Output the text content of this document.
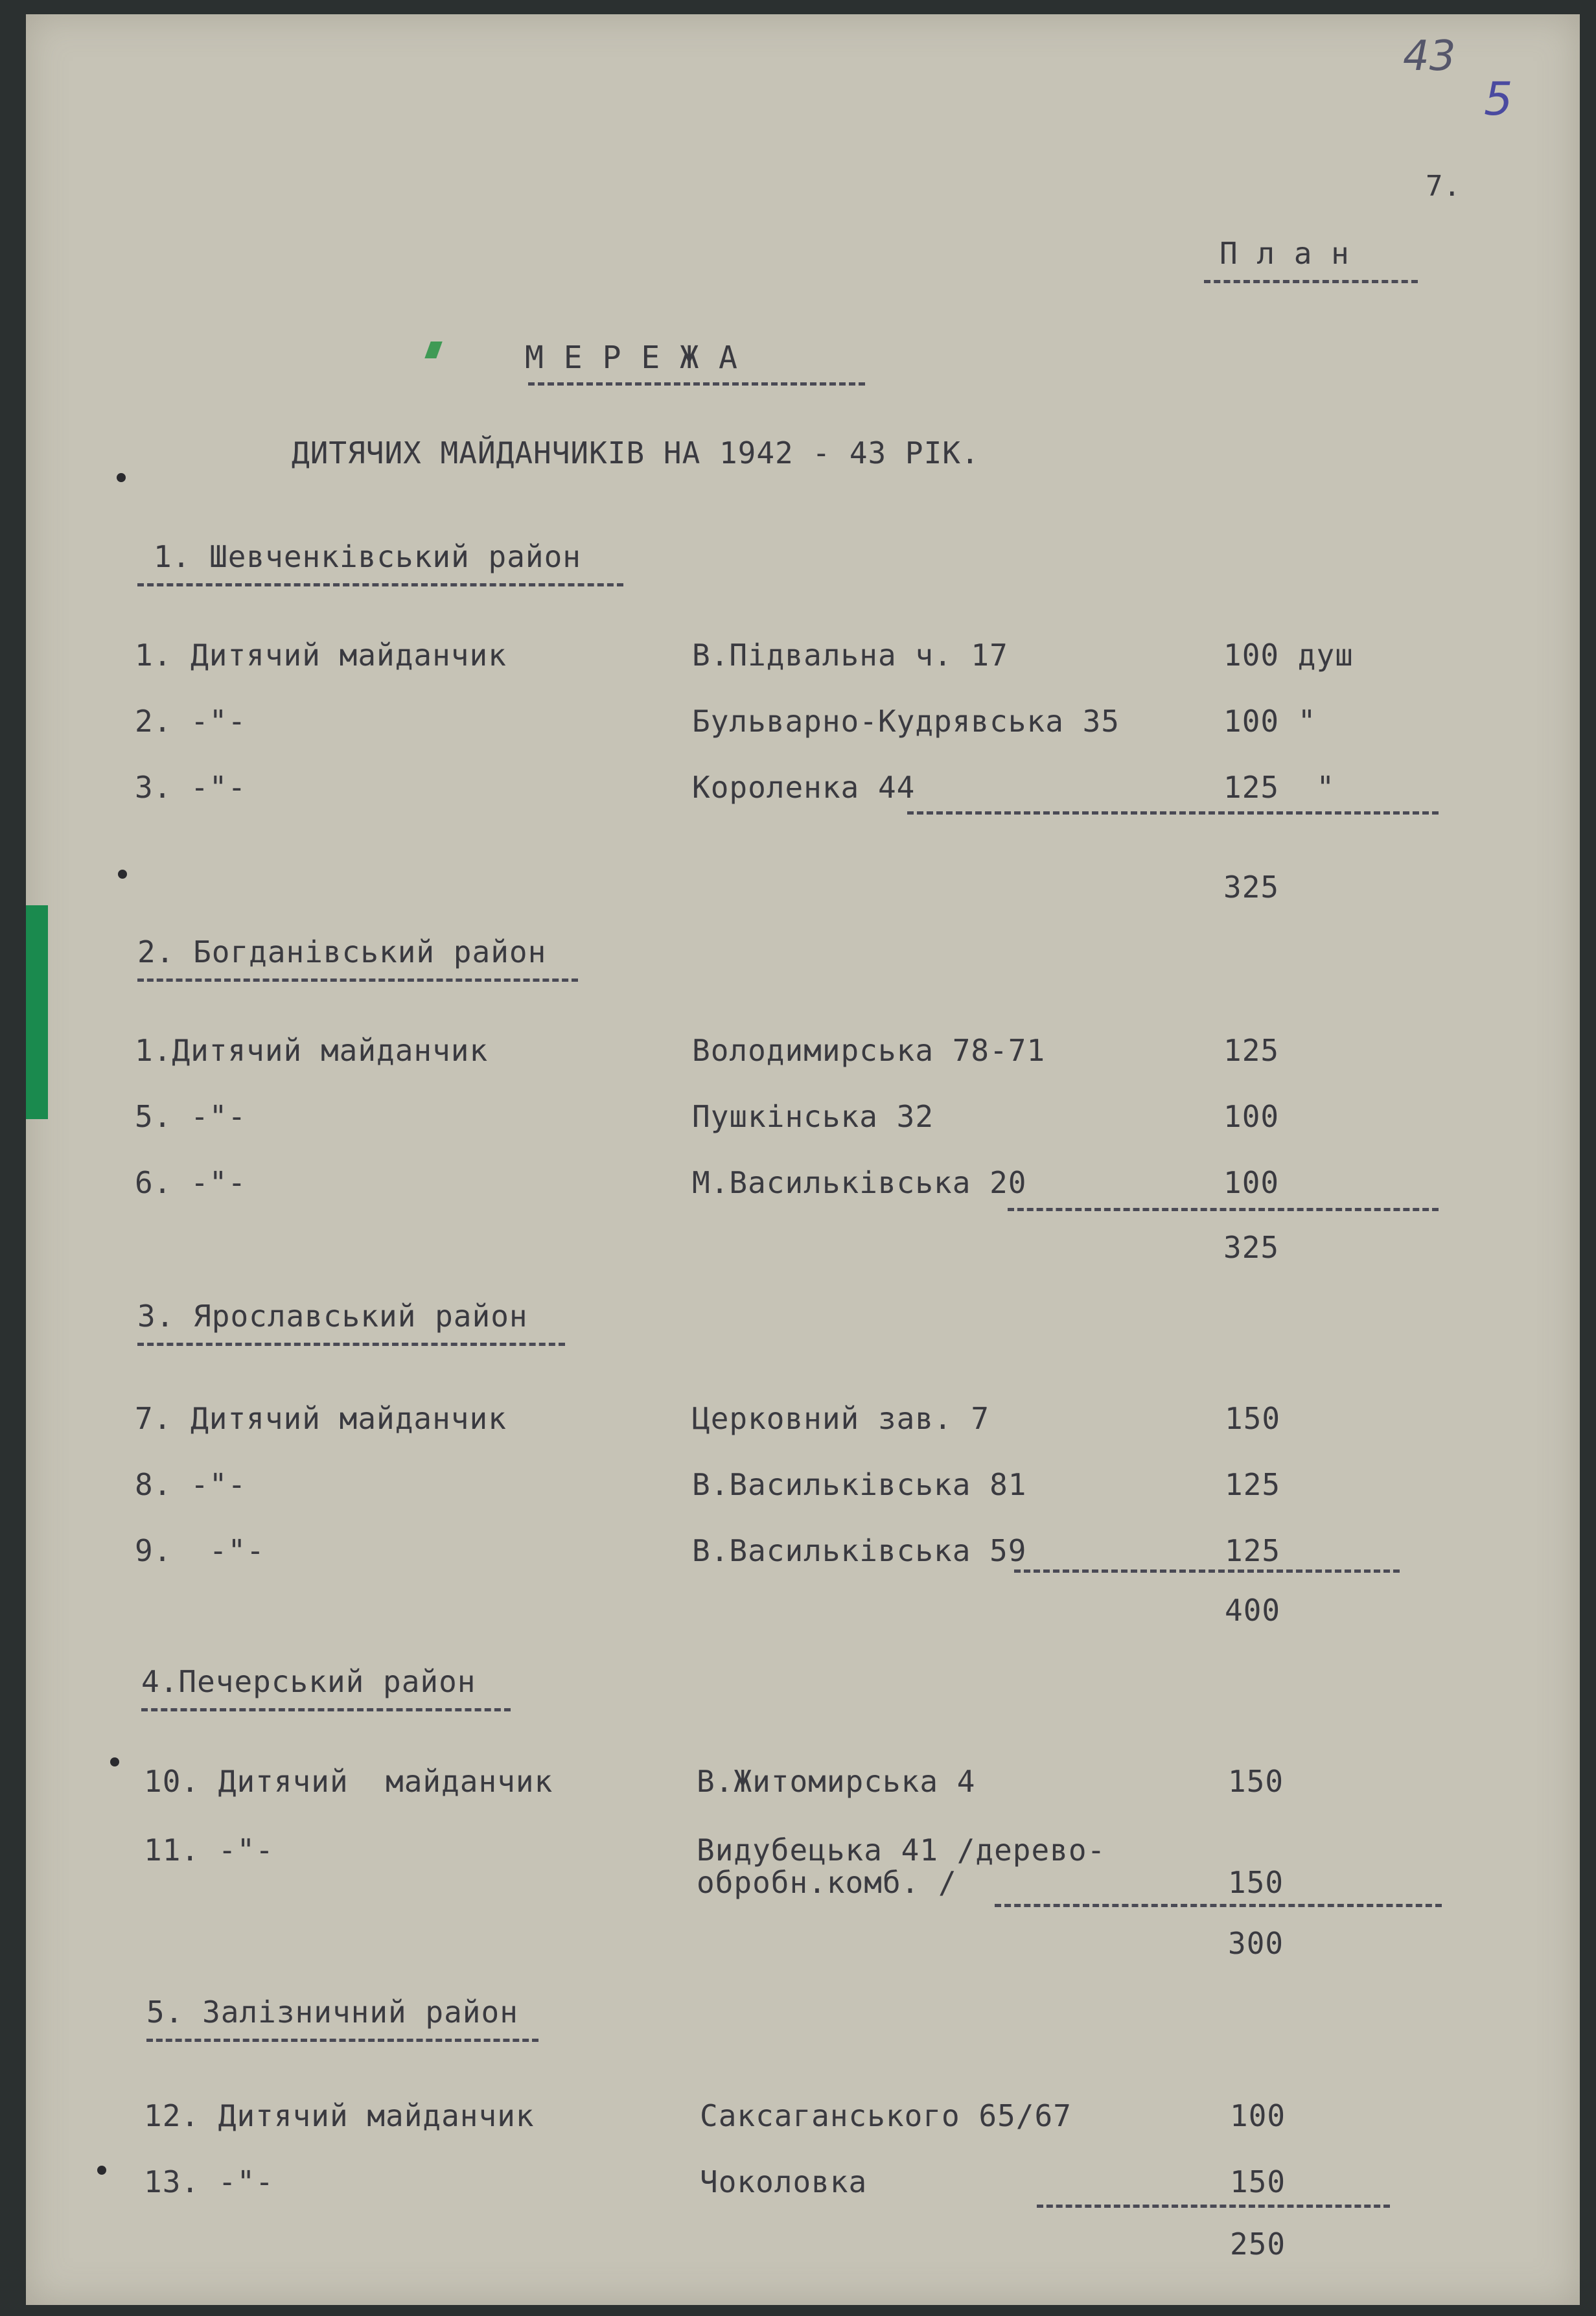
43
5
7.
П л а н
М Е Р Е Ж А
ДИТЯЧИХ МАЙДАНЧИКІВ НА 1942 - 43 РІК.
1. Шевченківський район
1. Дитячий майданчик	В.Підвальна ч. 17	100 душ
2. -"-	Бульварно-Кудрявська 35	100 "
3. -"-	Короленка 44	125  "
325
2. Богданівський район
1.Дитячий майданчик	Володимирська 78-71	125
5. -"-	Пушкінська 32	100
6. -"-	М.Васильківська 20	100
325
3. Ярославський район
7. Дитячий майданчик	Церковний зав. 7	150
8. -"-	В.Васильківська 81	125
9.  -"-	В.Васильківська 59	125
400
4.Печерський район
10. Дитячий  майданчик	В.Житомирська 4	150
11. -"-	Видубецька 41 /дерево-
обробн.комб. /	150
300
5. Залізничний район
12. Дитячий майданчик	Саксаганського 65/67	100
13. -"-	Чоколовка	150
250
